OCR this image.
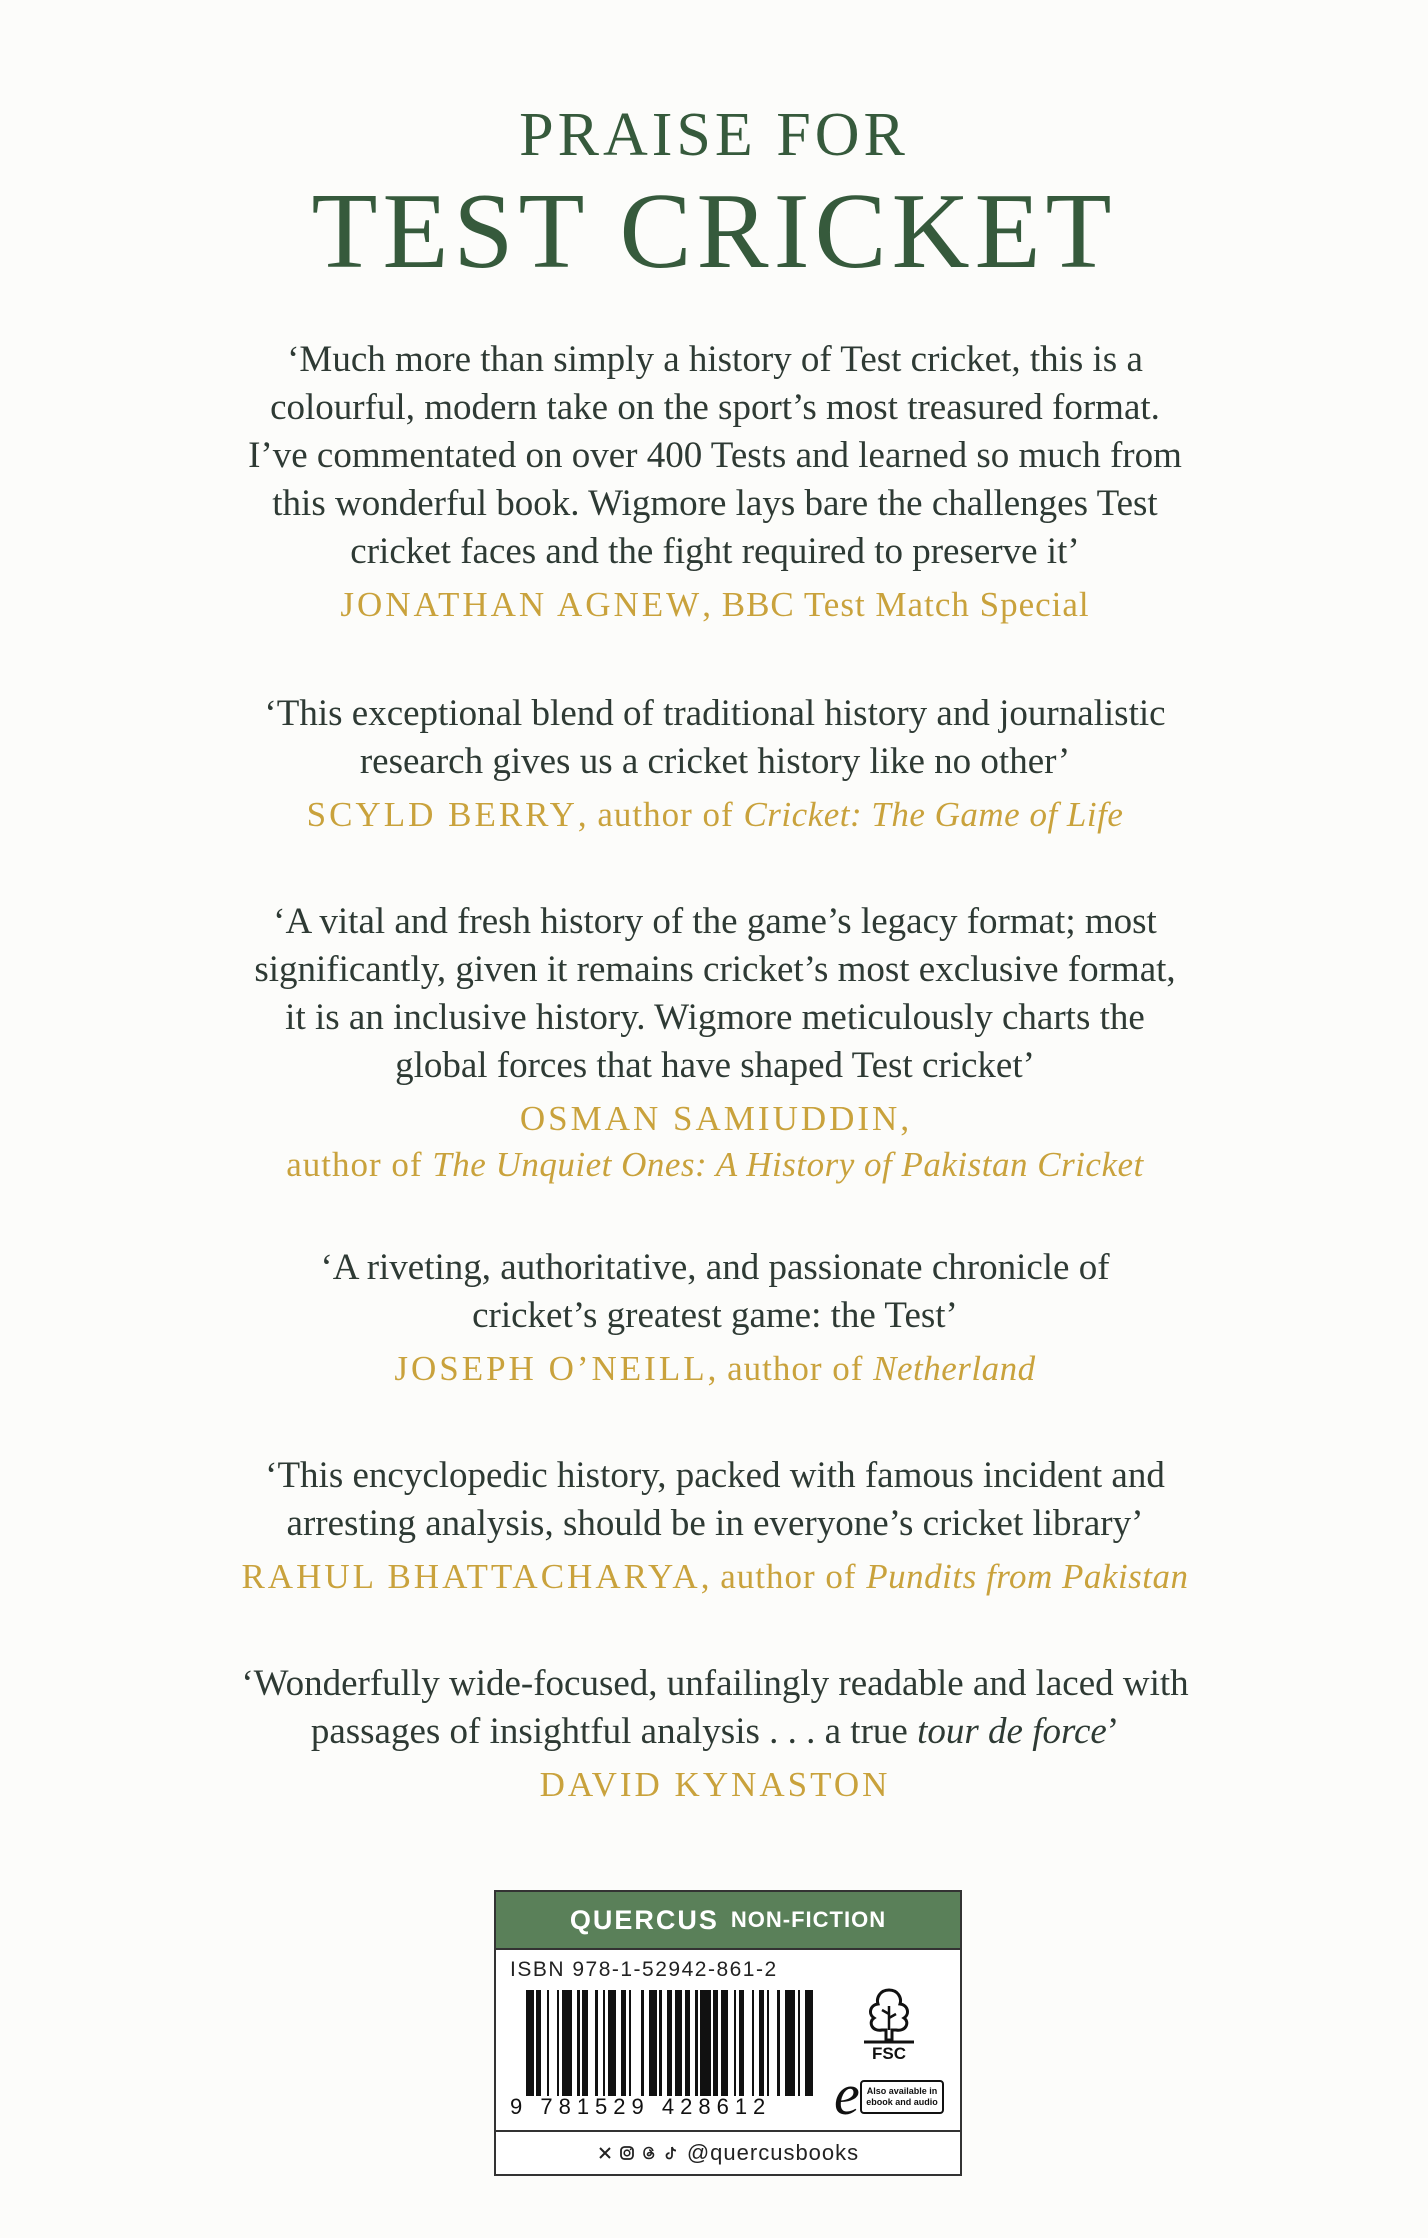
PRAISE FOR
TEST CRICKET

‘Much more than simply a history of Test cricket, this is a
colourful, modern take on the sport’s most treasured format.
I’ve commentated on over 400 Tests and learned so much from
this wonderful book. Wigmore lays bare the challenges Test
cricket faces and the fight required to preserve it’

JONATHAN AGNEW, BBC Test Match Special

‘This exceptional blend of traditional history and journalistic
research gives us a cricket history like no other’

SCYLD BERRY, author of Cricket: The Game of Life

‘A vital and fresh history of the game’s legacy format; most
significantly, given it remains cricket’s most exclusive format,
it is an inclusive history. Wigmore meticulously charts the
global forces that have shaped Test cricket’

OSMAN SAMIUDDIN,
author of The Unquiet Ones: A History of Pakistan Cricket

‘A riveting, authoritative, and passionate chronicle of
cricket’s greatest game: the Test’

JOSEPH O’NEILL, author of Netherland

‘This encyclopedic history, packed with famous incident and
arresting analysis, should be in everyone’s cricket library’

RAHUL BHATTACHARYA, author of Pundits from Pakistan

‘Wonderfully wide-focused, unfailingly readable and laced with
passages of insightful analysis . . . a true tour de force’

DAVID KYNASTON

QUERCUS NON-FICTION
ISBN 978-1-52942-861-2
9 781529 428612
FSC
e Also available in ebook and audio
@quercusbooks
